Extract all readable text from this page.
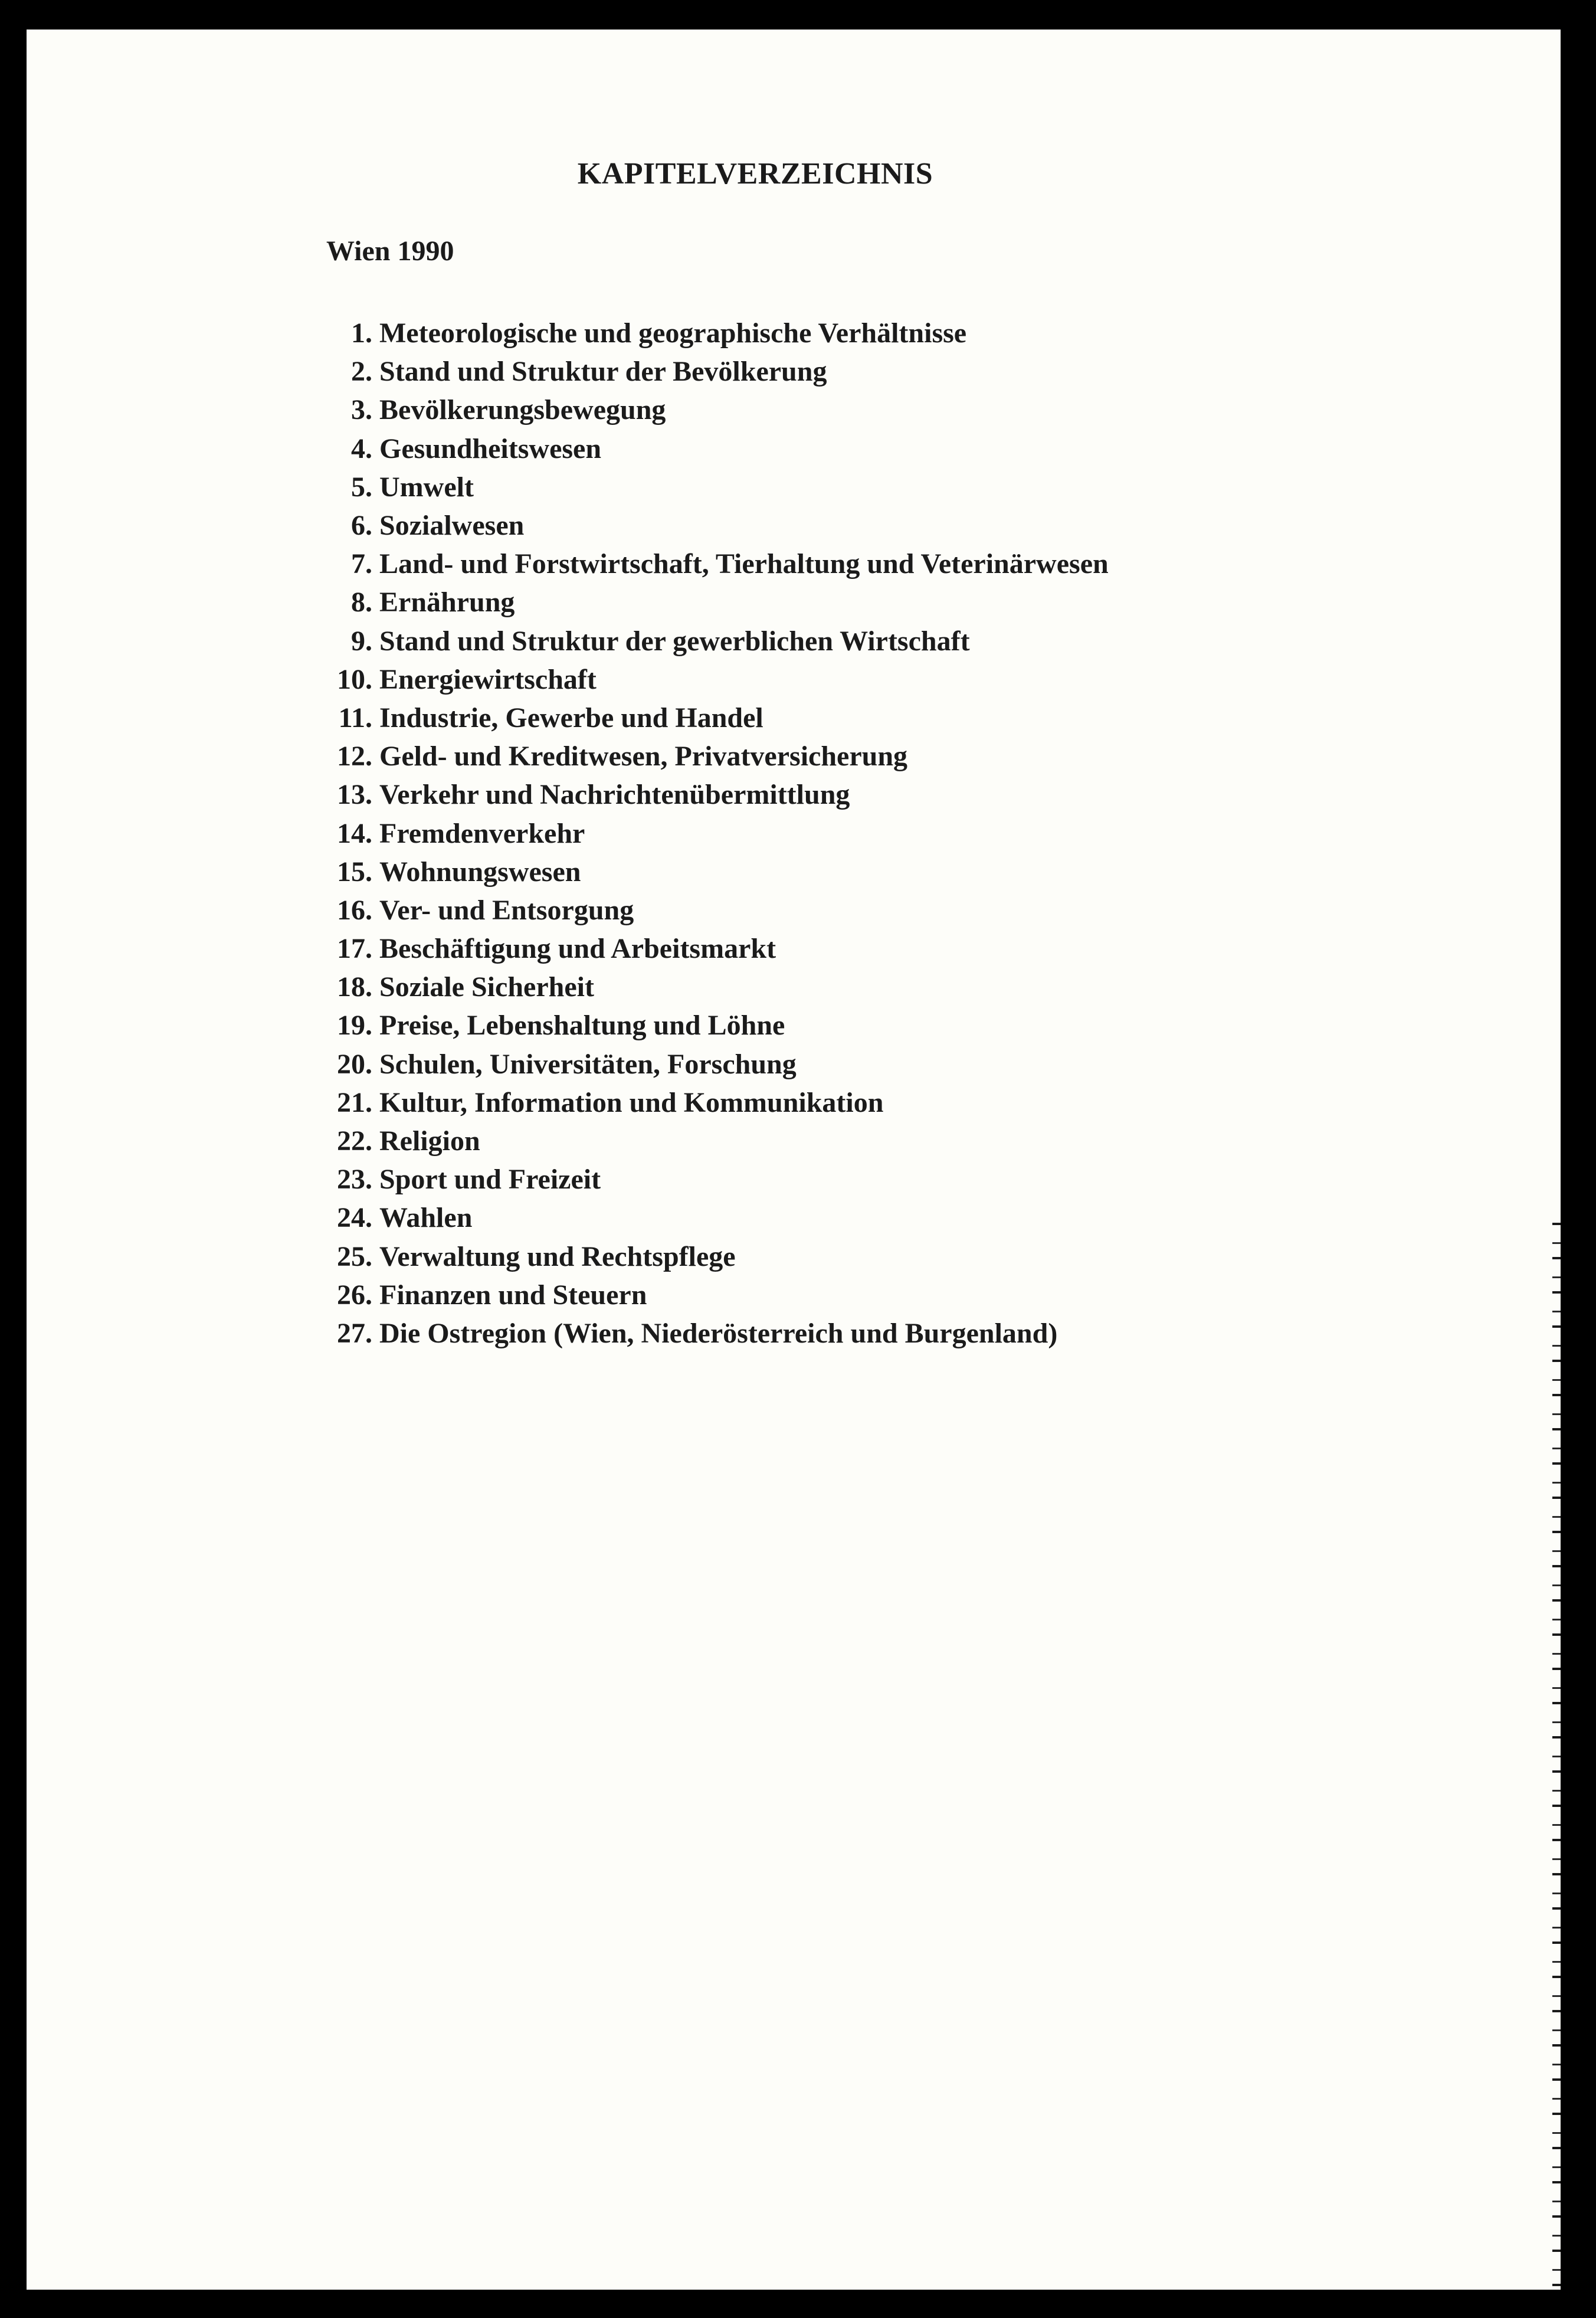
KAPITELVERZEICHNIS

Wien 1990

1. Meteorologische und geographische Verhältnisse
2. Stand und Struktur der Bevölkerung
3. Bevölkerungsbewegung
4. Gesundheitswesen
5. Umwelt
6. Sozialwesen
7. Land- und Forstwirtschaft, Tierhaltung und Veterinärwesen
8. Ernährung
9. Stand und Struktur der gewerblichen Wirtschaft
10. Energiewirtschaft
11. Industrie, Gewerbe und Handel
12. Geld- und Kreditwesen, Privatversicherung
13. Verkehr und Nachrichtenübermittlung
14. Fremdenverkehr
15. Wohnungswesen
16. Ver- und Entsorgung
17. Beschäftigung und Arbeitsmarkt
18. Soziale Sicherheit
19. Preise, Lebenshaltung und Löhne
20. Schulen, Universitäten, Forschung
21. Kultur, Information und Kommunikation
22. Religion
23. Sport und Freizeit
24. Wahlen
25. Verwaltung und Rechtspflege
26. Finanzen und Steuern
27. Die Ostregion (Wien, Niederösterreich und Burgenland)
